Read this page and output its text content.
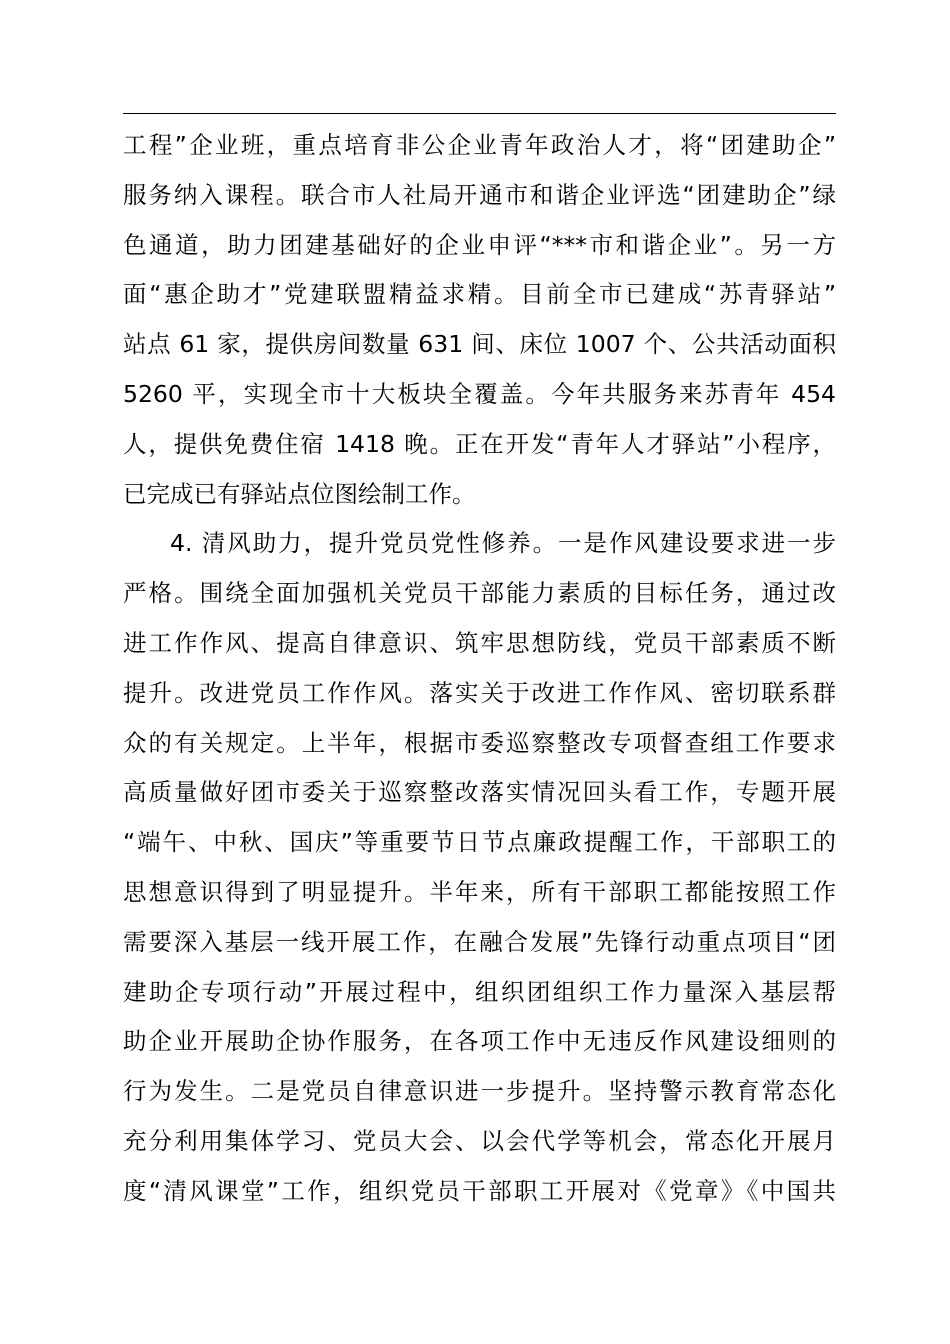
工程”企业班，重点培育非公企业青年政治人才，将“团建助企”
服务纳入课程。联合市人社局开通市和谐企业评选“团建助企”绿
色通道，助力团建基础好的企业申评“***市和谐企业”。另一方
面“惠企助才”党建联盟精益求精。目前全市已建成“苏青驿站”
站点 61 家，提供房间数量 631 间、床位 1007 个、公共活动面积
5260 平，实现全市十大板块全覆盖。今年共服务来苏青年 454
人，提供免费住宿 1418 晚。正在开发“青年人才驿站”小程序，
已完成已有驿站点位图绘制工作。
4. 清风助力，提升党员党性修养。一是作风建设要求进一步
严格。围绕全面加强机关党员干部能力素质的目标任务，通过改
进工作作风、提高自律意识、筑牢思想防线，党员干部素质不断
提升。改进党员工作作风。落实关于改进工作作风、密切联系群
众的有关规定。上半年，根据市委巡察整改专项督查组工作要求
高质量做好团市委关于巡察整改落实情况回头看工作，专题开展
“端午、中秋、国庆”等重要节日节点廉政提醒工作，干部职工的
思想意识得到了明显提升。半年来，所有干部职工都能按照工作
需要深入基层一线开展工作，在融合发展”先锋行动重点项目“团
建助企专项行动”开展过程中，组织团组织工作力量深入基层帮
助企业开展助企协作服务，在各项工作中无违反作风建设细则的
行为发生。二是党员自律意识进一步提升。坚持警示教育常态化
充分利用集体学习、党员大会、以会代学等机会，常态化开展月
度“清风课堂”工作，组织党员干部职工开展对《党章》《中国共
